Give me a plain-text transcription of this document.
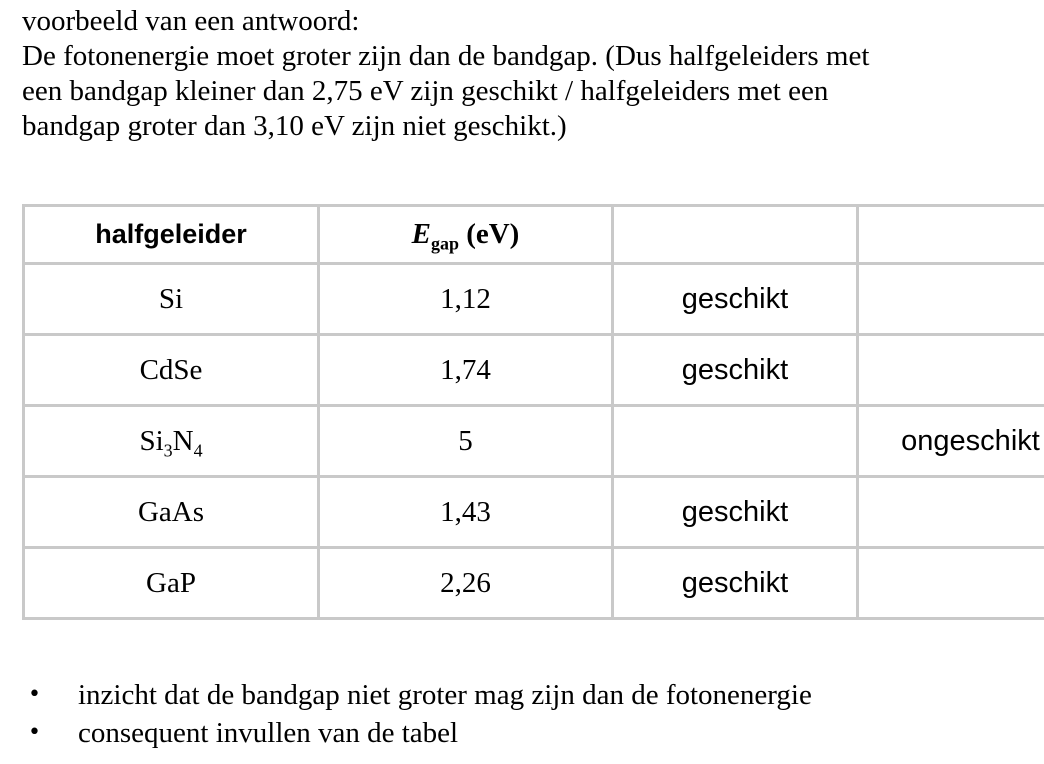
voorbeeld van een antwoord:

De fotonenergie moet groter zijn dan de bandgap. (Dus halfgeleiders met

een bandgap kleiner dan 2,75 eV zijn geschikt / halfgeleiders met een

bandgap groter dan 3,10 eV zijn niet geschikt.)

halfgeleider	$E_{gap}$ (eV)		
Si	1,12	geschikt	
CdSe	1,74	geschikt	
$Si_3N_4$	5		ongeschikt
GaAs	1,43	geschikt	
GaP	2,26	geschikt	
• inzicht dat de bandgap niet groter mag zijn dan de fotonenergie
• consequent invullen van de tabel
